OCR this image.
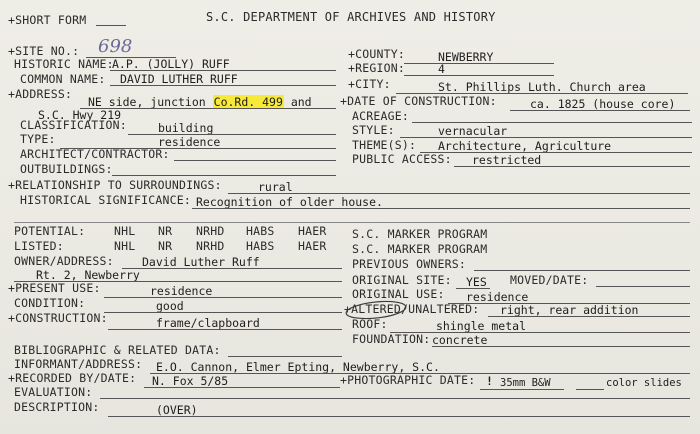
+SHORT FORM	S.C. DEPARTMENT OF ARCHIVES AND HISTORY
+SITE NO.: 698
HISTORIC NAME:
A.P. (JOLLY) RUFF
COMMON NAME: DAVID LUTHER RUFF
+ADDRESS:
NE side, junction Co.Rd. 499 and
S.C. Hwy 219
CLASSIFICATION:	building
TYPE:	residence
ARCHITECT/CONTRACTOR:
OUTBUILDINGS:
+COUNTY:	NEWBERRY
+REGION:	4
+CITY:	St. Phillips Luth. Church area
+DATE OF CONSTRUCTION:	ca. 1825 (house core)
ACREAGE:
STYLE:	vernacular
THEME(S): Architecture, Agriculture
PUBLIC ACCESS: restricted
+RELATIONSHIP TO SURROUNDINGS:	rural
HISTORICAL SIGNIFICANCE: Recognition of older house.
POTENTIAL:	NHL NR NRHD HABS HAER S.C. MARKER PROGRAM
LISTED:	NHL NR NRHD HABS HAER S.C. MARKER PROGRAM
OWNER/ADDRESS: David Luther Ruff
Rt. 2, Newberry
PREVIOUS OWNERS:
+PRESENT USE:	residence
CONDITION:	good
+CONSTRUCTION:	frame/clapboard
ORIGINAL SITE: YES MOVED/DATE:
ORIGINAL USE: residence
+ALTERED/UNALTERED: right, rear addition
ROOF:	shingle metal
FOUNDATION: concrete
BIBLIOGRAPHIC & RELATED DATA:
INFORMANT/ADDRESS: E.O. Cannon, Elmer Epting, Newberry, S.C.
+RECORDED BY/DATE: N. Fox 5/85	+PHOTOGRAPHIC DATE: ! 35mm B&W	color slides
EVALUATION:
DESCRIPTION:	(OVER)
